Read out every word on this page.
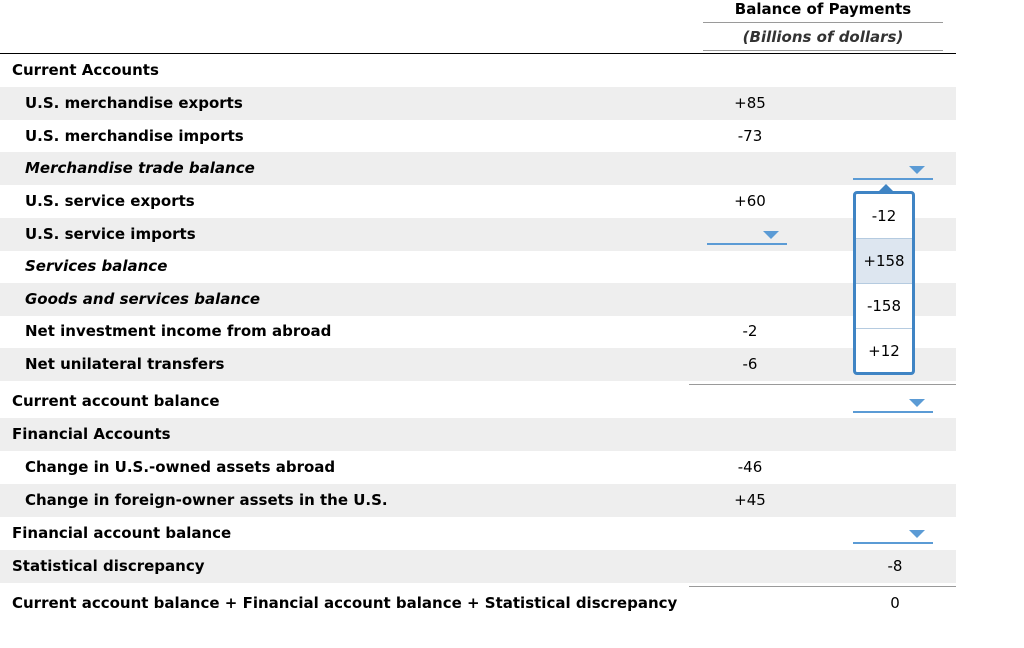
Balance of Payments
(Billions of dollars)
Current Accounts
U.S. merchandise exports	+85
U.S. merchandise imports	-73
Merchandise trade balance
U.S. service exports	+60
U.S. service imports
Services balance
Goods and services balance
Net investment income from abroad	-2
Net unilateral transfers	-6
Current account balance
Financial Accounts
Change in U.S.-owned assets abroad	-46
Change in foreign-owner assets in the U.S.	+45
Financial account balance
Statistical discrepancy	-8
Current account balance + Financial account balance + Statistical discrepancy	0
-12
+158
-158
+12
